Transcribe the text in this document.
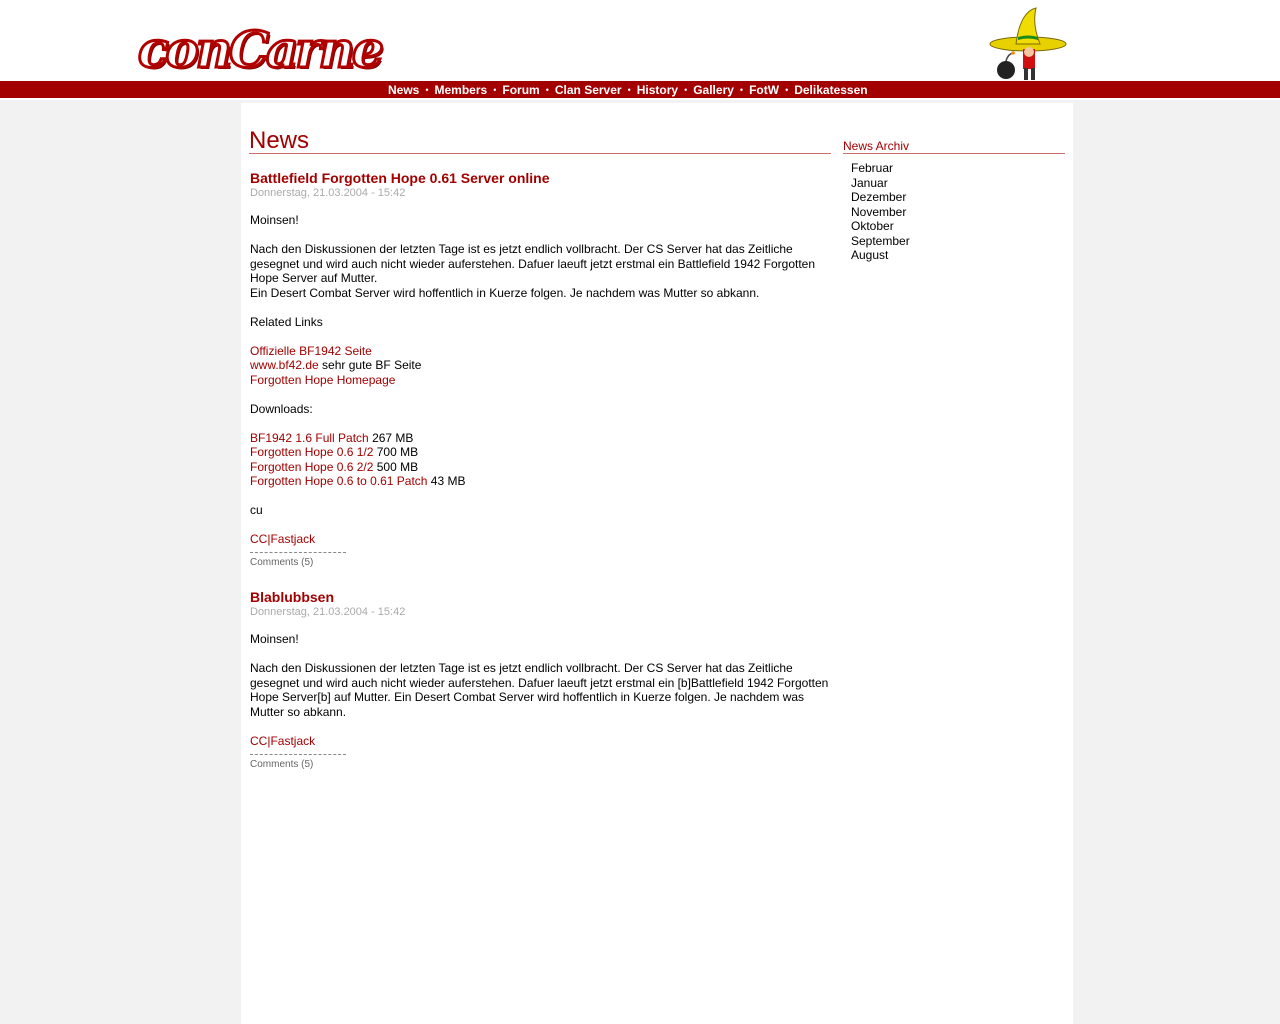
conCarne
News • Members • Forum • Clan Server • History • Gallery • FotW • Delikatessen
News
Battlefield Forgotten Hope 0.61 Server online
Donnerstag, 21.03.2004 - 15:42

Moinsen!

Nach den Diskussionen der letzten Tage ist es jetzt endlich vollbracht. Der CS Server hat das Zeitliche gesegnet und wird auch nicht wieder auferstehen. Dafuer laeuft jetzt erstmal ein Battlefield 1942 Forgotten Hope Server auf Mutter.
Ein Desert Combat Server wird hoffentlich in Kuerze folgen. Je nachdem was Mutter so abkann.

Related Links

Offizielle BF1942 Seite
www.bf42.de sehr gute BF Seite
Forgotten Hope Homepage

Downloads:

BF1942 1.6 Full Patch 267 MB
Forgotten Hope 0.6 1/2 700 MB
Forgotten Hope 0.6 2/2 500 MB
Forgotten Hope 0.6 to 0.61 Patch 43 MB

cu

CC|Fastjack

Comments (5)
Blablubbsen
Donnerstag, 21.03.2004 - 15:42

Moinsen!

Nach den Diskussionen der letzten Tage ist es jetzt endlich vollbracht. Der CS Server hat das Zeitliche gesegnet und wird auch nicht wieder auferstehen. Dafuer laeuft jetzt erstmal ein [b]Battlefield 1942 Forgotten Hope Server[b] auf Mutter. Ein Desert Combat Server wird hoffentlich in Kuerze folgen. Je nachdem was Mutter so abkann.

CC|Fastjack

Comments (5)
News Archiv
Februar
Januar
Dezember
November
Oktober
September
August
